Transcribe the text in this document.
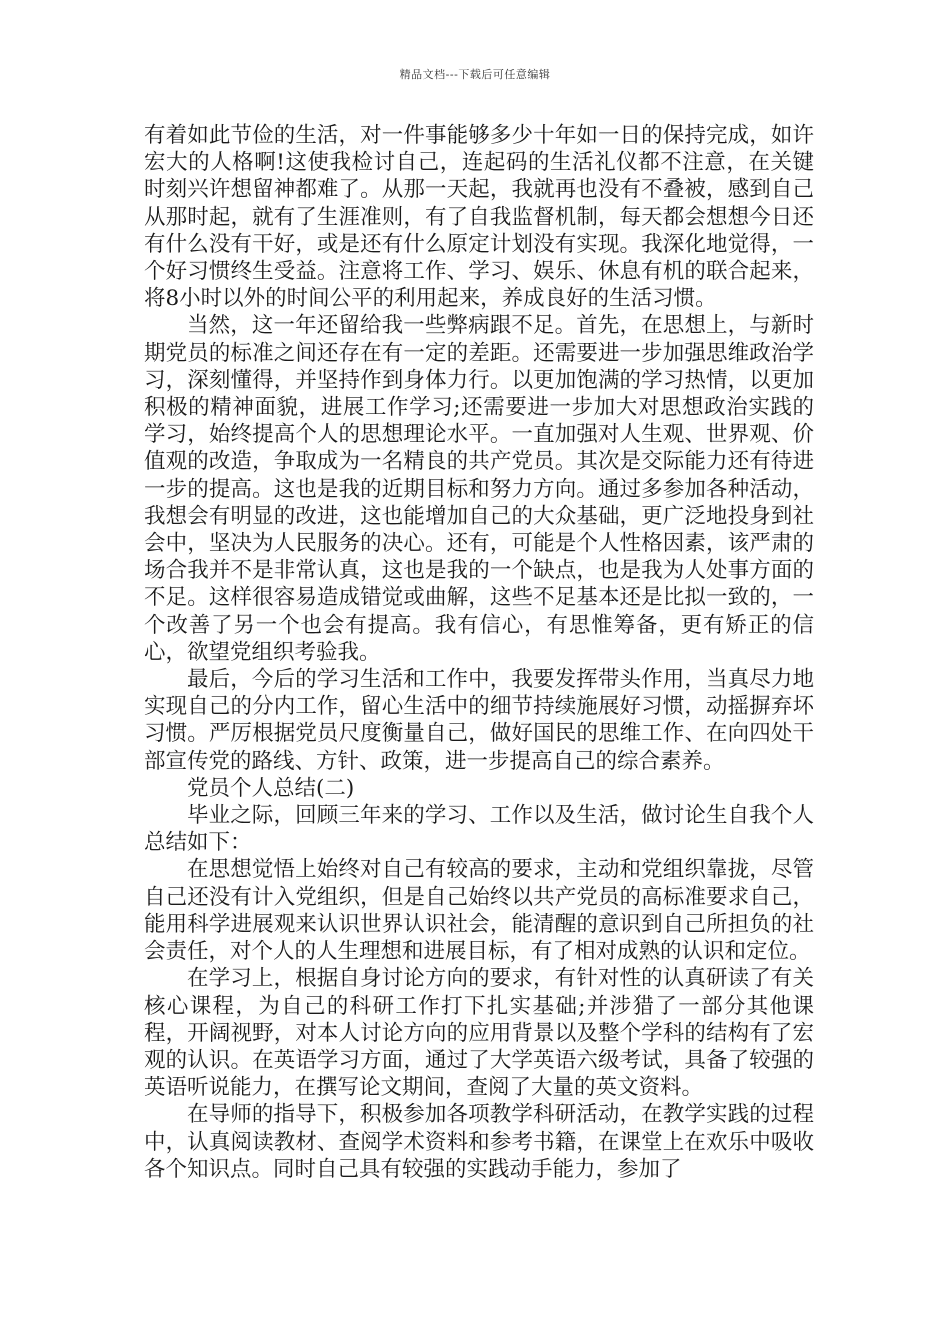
精品文档---下载后可任意编辑

有着如此节俭的生活，对一件事能够多少十年如一日的保持完成，如许宏大的人格啊!这使我检讨自己，连起码的生活礼仪都不注意，在关键时刻兴许想留神都难了。从那一天起，我就再也没有不叠被，感到自己从那时起，就有了生涯准则，有了自我监督机制，每天都会想想今日还有什么没有干好，或是还有什么原定计划没有实现。我深化地觉得，一个好习惯终生受益。注意将工作、学习、娱乐、休息有机的联合起来，将8小时以外的时间公平的利用起来，养成良好的生活习惯。

当然，这一年还留给我一些弊病跟不足。首先，在思想上，与新时期党员的标准之间还存在有一定的差距。还需要进一步加强思维政治学习，深刻懂得，并坚持作到身体力行。以更加饱满的学习热情，以更加积极的精神面貌，进展工作学习;还需要进一步加大对思想政治实践的学习，始终提高个人的思想理论水平。一直加强对人生观、世界观、价值观的改造，争取成为一名精良的共产党员。其次是交际能力还有待进一步的提高。这也是我的近期目标和努力方向。通过多参加各种活动，我想会有明显的改进，这也能增加自己的大众基础，更广泛地投身到社会中，坚决为人民服务的决心。还有，可能是个人性格因素，该严肃的场合我并不是非常认真，这也是我的一个缺点，也是我为人处事方面的不足。这样很容易造成错觉或曲解，这些不足基本还是比拟一致的，一个改善了另一个也会有提高。我有信心，有思惟筹备，更有矫正的信心，欲望党组织考验我。

最后，今后的学习生活和工作中，我要发挥带头作用，当真尽力地实现自己的分内工作，留心生活中的细节持续施展好习惯，动摇摒弃坏习惯。严厉根据党员尺度衡量自己，做好国民的思维工作、在向四处干部宣传党的路线、方针、政策，进一步提高自己的综合素养。

党员个人总结(二)

毕业之际，回顾三年来的学习、工作以及生活，做讨论生自我个人总结如下：

在思想觉悟上始终对自己有较高的要求，主动和党组织靠拢，尽管自己还没有计入党组织，但是自己始终以共产党员的高标准要求自己，能用科学进展观来认识世界认识社会，能清醒的意识到自己所担负的社会责任，对个人的人生理想和进展目标，有了相对成熟的认识和定位。

在学习上，根据自身讨论方向的要求，有针对性的认真研读了有关核心课程，为自己的科研工作打下扎实基础;并涉猎了一部分其他课程，开阔视野，对本人讨论方向的应用背景以及整个学科的结构有了宏观的认识。在英语学习方面，通过了大学英语六级考试，具备了较强的英语听说能力，在撰写论文期间，查阅了大量的英文资料。

在导师的指导下，积极参加各项教学科研活动，在教学实践的过程中，认真阅读教材、查阅学术资料和参考书籍，在课堂上在欢乐中吸收各个知识点。同时自己具有较强的实践动手能力，参加了
